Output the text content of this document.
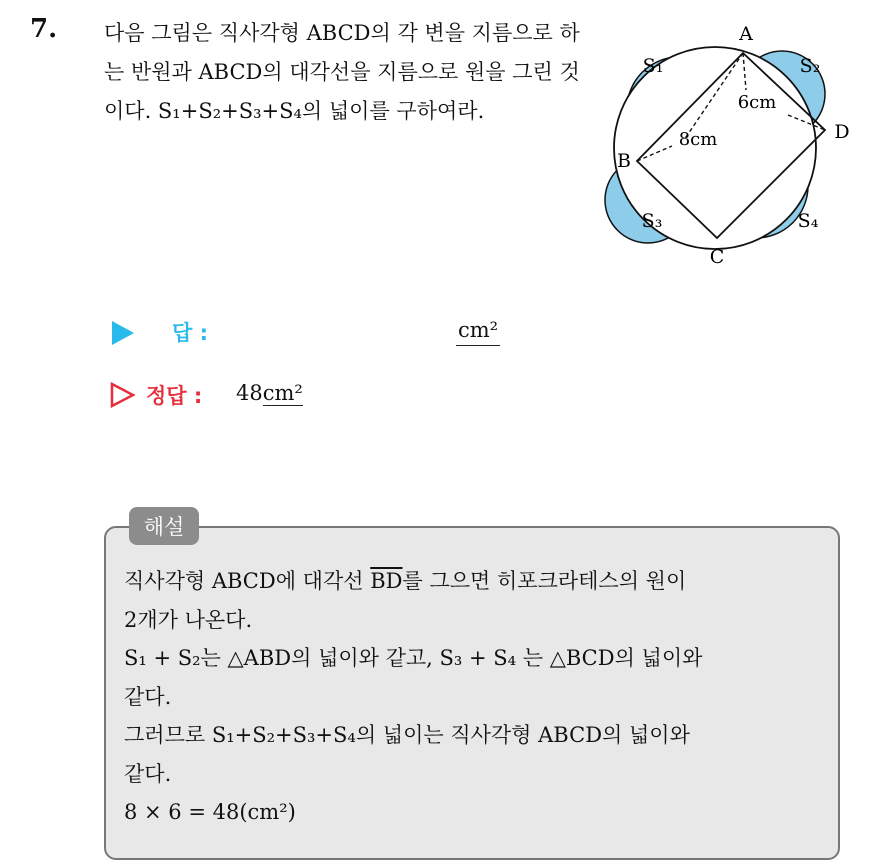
7. 다음 그림은 직사각형 ABCD의 각 변을 지름으로 하는 반원과 ABCD의 대각선을 지름으로 원을 그린 것이다. S₁+S₂+S₃+S₄의 넓이를 구하여라.

A
B
C
D
S₁	S₂
S₃	S₄
6cm
8cm
답 :	cm²
정답 : 48cm²
해설
직사각형 ABCD에 대각선 $\overline{BD}$를 그으면 히포크라테스의 원이
2개가 나온다.
S₁ + S₂는 △ABD의 넓이와 같고, S₃ + S₄ 는 △BCD의 넓이와
같다.
그러므로 S₁+S₂+S₃+S₄의 넓이는 직사각형 ABCD의 넓이와
같다.
8 × 6 = 48(cm²)
